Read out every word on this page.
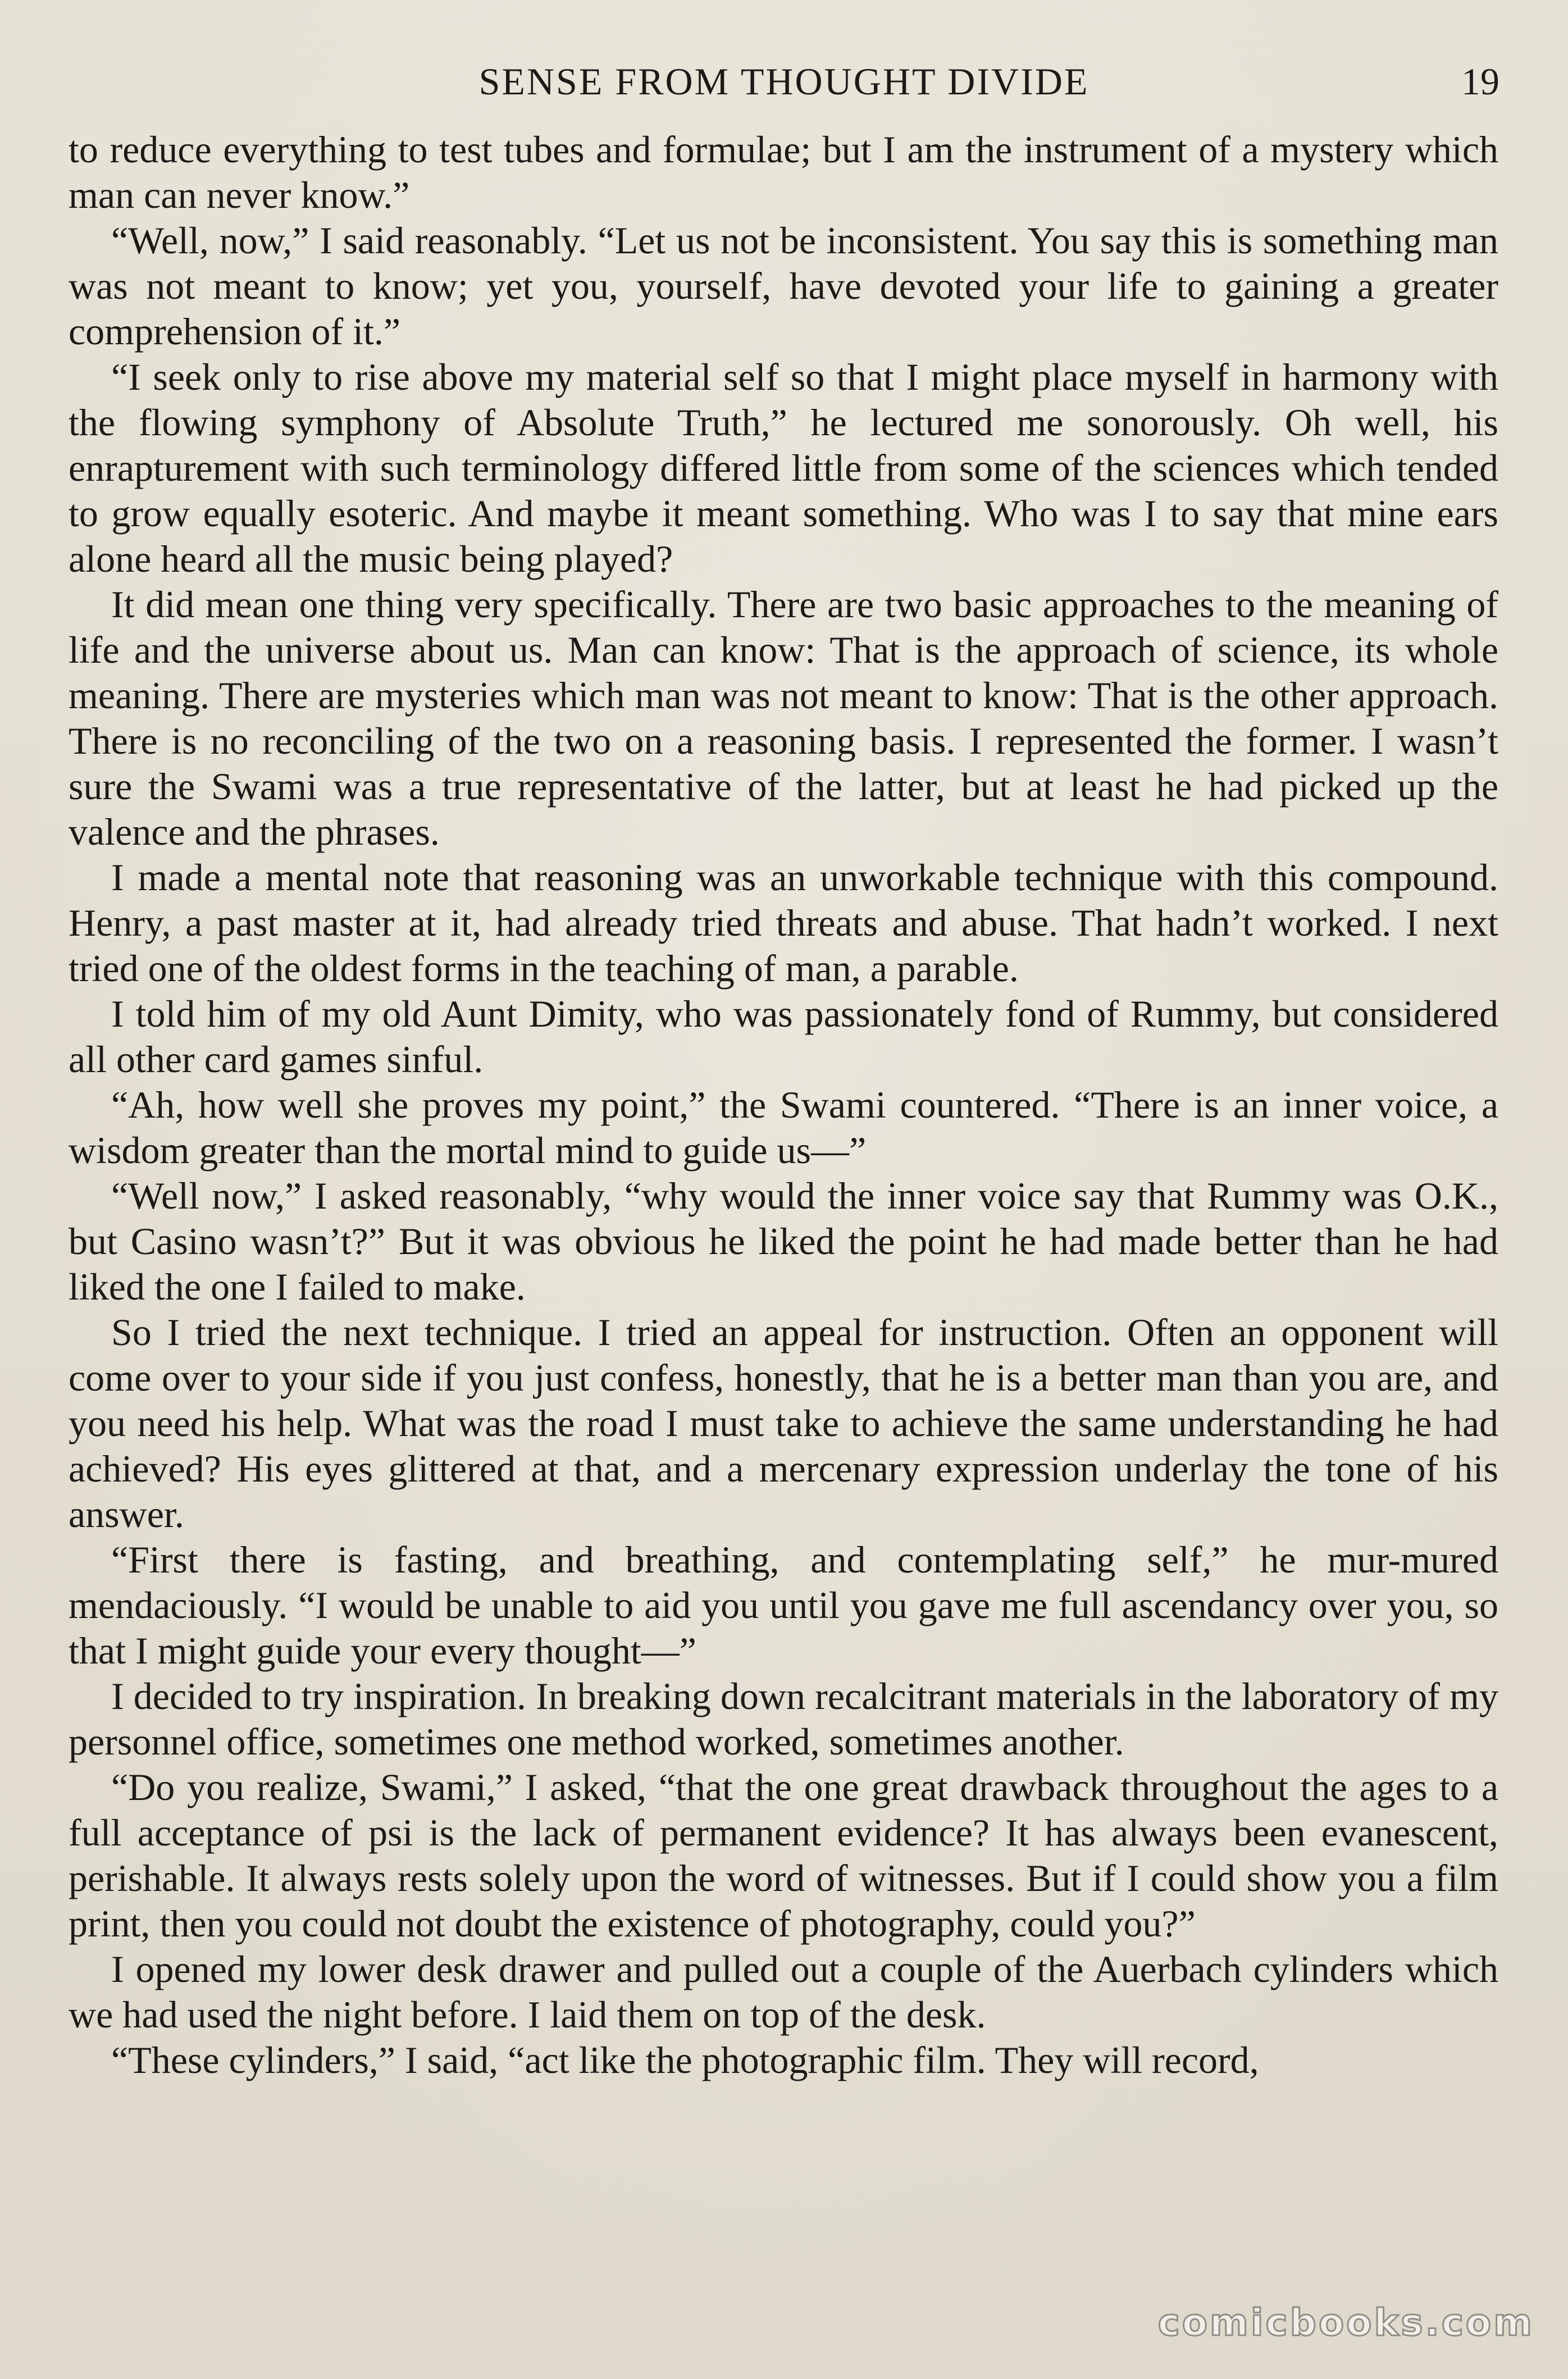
SENSE FROM THOUGHT DIVIDE	19

to reduce everything to test tubes and formulae; but I am the instrument of a mystery which man can never know.”

“Well, now,” I said reasonably. “Let us not be inconsistent. You say this is something man was not meant to know; yet you, yourself, have devoted your life to gaining a greater comprehension of it.”

“I seek only to rise above my material self so that I might place myself in harmony with the flowing symphony of Absolute Truth,” he lectured me sonorously. Oh well, his enrapturement with such terminology differed little from some of the sciences which tended to grow equally esoteric. And maybe it meant something. Who was I to say that mine ears alone heard all the music being played?

It did mean one thing very specifically. There are two basic approaches to the meaning of life and the universe about us. Man can know: That is the approach of science, its whole meaning. There are mysteries which man was not meant to know: That is the other approach. There is no reconciling of the two on a reasoning basis. I represented the former. I wasn’t sure the Swami was a true representative of the latter, but at least he had picked up the valence and the phrases.

I made a mental note that reasoning was an unworkable technique with this compound. Henry, a past master at it, had already tried threats and abuse. That hadn’t worked. I next tried one of the oldest forms in the teaching of man, a parable.

I told him of my old Aunt Dimity, who was passionately fond of Rummy, but considered all other card games sinful.

“Ah, how well she proves my point,” the Swami countered. “There is an inner voice, a wisdom greater than the mortal mind to guide us—”

“Well now,” I asked reasonably, “why would the inner voice say that Rummy was O.K., but Casino wasn’t?” But it was obvious he liked the point he had made better than he had liked the one I failed to make.

So I tried the next technique. I tried an appeal for instruction. Often an opponent will come over to your side if you just confess, honestly, that he is a better man than you are, and you need his help. What was the road I must take to achieve the same understanding he had achieved? His eyes glittered at that, and a mercenary expression underlay the tone of his answer.

“First there is fasting, and breathing, and contemplating self,” he mur-mured mendaciously. “I would be unable to aid you until you gave me full ascendancy over you, so that I might guide your every thought—”

I decided to try inspiration. In breaking down recalcitrant materials in the laboratory of my personnel office, sometimes one method worked, sometimes another.

“Do you realize, Swami,” I asked, “that the one great drawback throughout the ages to a full acceptance of psi is the lack of permanent evidence? It has always been evanescent, perishable. It always rests solely upon the word of witnesses. But if I could show you a film print, then you could not doubt the existence of photography, could you?”

I opened my lower desk drawer and pulled out a couple of the Auerbach cylinders which we had used the night before. I laid them on top of the desk.

“These cylinders,” I said, “act like the photographic film. They will record,

comicbooks.com
